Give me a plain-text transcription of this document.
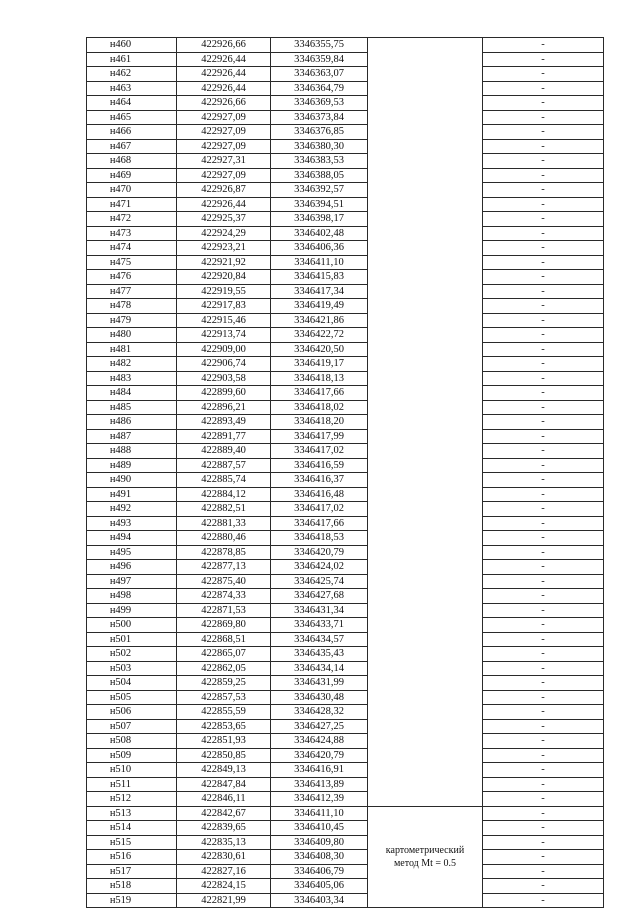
н460	422926,66	3346355,75		-
н461	422926,44	3346359,84		-
н462	422926,44	3346363,07		-
н463	422926,44	3346364,79		-
н464	422926,66	3346369,53		-
н465	422927,09	3346373,84		-
н466	422927,09	3346376,85		-
н467	422927,09	3346380,30		-
н468	422927,31	3346383,53		-
н469	422927,09	3346388,05		-
н470	422926,87	3346392,57		-
н471	422926,44	3346394,51		-
н472	422925,37	3346398,17		-
н473	422924,29	3346402,48		-
н474	422923,21	3346406,36		-
н475	422921,92	3346411,10		-
н476	422920,84	3346415,83		-
н477	422919,55	3346417,34		-
н478	422917,83	3346419,49		-
н479	422915,46	3346421,86		-
н480	422913,74	3346422,72		-
н481	422909,00	3346420,50		-
н482	422906,74	3346419,17		-
н483	422903,58	3346418,13		-
н484	422899,60	3346417,66		-
н485	422896,21	3346418,02		-
н486	422893,49	3346418,20		-
н487	422891,77	3346417,99		-
н488	422889,40	3346417,02		-
н489	422887,57	3346416,59		-
н490	422885,74	3346416,37		-
н491	422884,12	3346416,48		-
н492	422882,51	3346417,02		-
н493	422881,33	3346417,66		-
н494	422880,46	3346418,53		-
н495	422878,85	3346420,79		-
н496	422877,13	3346424,02		-
н497	422875,40	3346425,74		-
н498	422874,33	3346427,68		-
н499	422871,53	3346431,34		-
н500	422869,80	3346433,71		-
н501	422868,51	3346434,57		-
н502	422865,07	3346435,43		-
н503	422862,05	3346434,14		-
н504	422859,25	3346431,99		-
н505	422857,53	3346430,48		-
н506	422855,59	3346428,32		-
н507	422853,65	3346427,25		-
н508	422851,93	3346424,88		-
н509	422850,85	3346420,79		-
н510	422849,13	3346416,91		-
н511	422847,84	3346413,89		-
н512	422846,11	3346412,39		-
н513	422842,67	3346411,10	картометрический
метод Mt = 0.5	-
н514	422839,65	3346410,45		-
н515	422835,13	3346409,80		-
н516	422830,61	3346408,30		-
н517	422827,16	3346406,79		-
н518	422824,15	3346405,06		-
н519	422821,99	3346403,34		-
